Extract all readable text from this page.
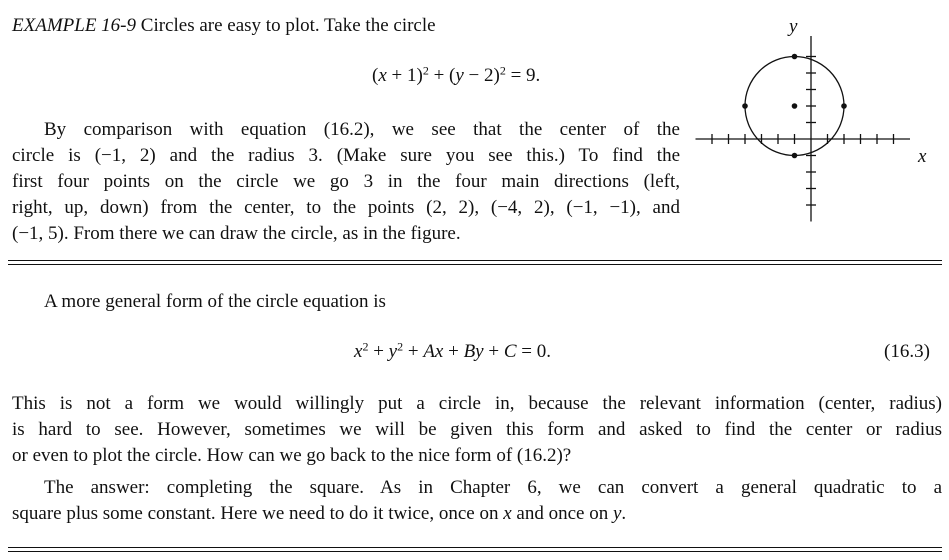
EXAMPLE 16-9 Circles are easy to plot. Take the circle
$(x + 1)^2 + (y - 2)^2 = 9$.
By comparison with equation (16.2), we see that the center of the
circle is (−1, 2) and the radius 3. (Make sure you see this.) To find the
first four points on the circle we go 3 in the four main directions (left,
right, up, down) from the center, to the points (2, 2), (−4, 2), (−1, −1), and
(−1, 5). From there we can draw the circle, as in the figure.
x
y
A more general form of the circle equation is
$x^2 + y^2 + Ax + By + C = 0$.	(16.3)
This is not a form we would willingly put a circle in, because the relevant information (center, radius)
is hard to see. However, sometimes we will be given this form and asked to find the center or radius
or even to plot the circle. How can we go back to the nice form of (16.2)?
The answer: completing the square. As in Chapter 6, we can convert a general quadratic to a
square plus some constant. Here we need to do it twice, once on x and once on y.
